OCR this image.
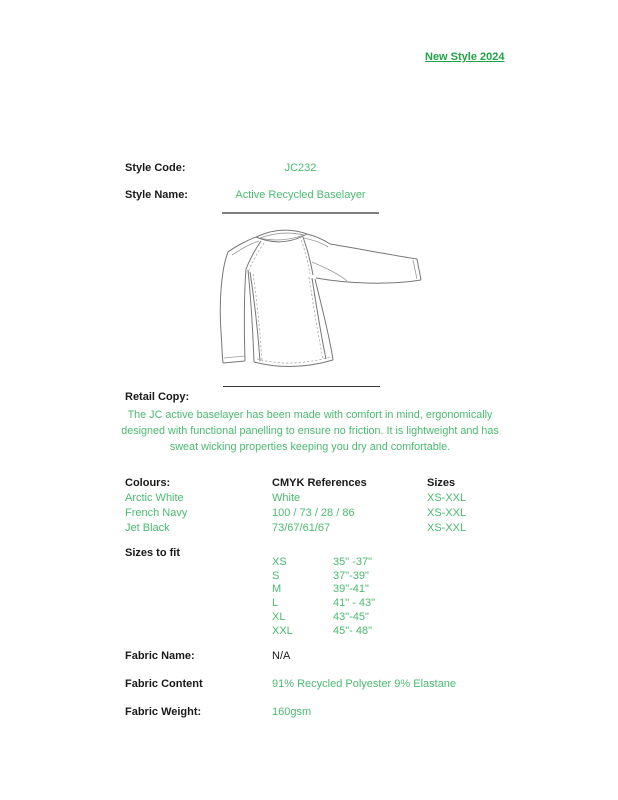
New Style 2024
Style Code:	JC232
Style Name:	Active Recycled Baselayer
Retail Copy:
The JC active baselayer has been made with comfort in mind, ergonomically designed with functional panelling to ensure no friction. It is lightweight and has sweat wicking properties keeping you dry and comfortable.
Colours:	CMYK References	Sizes
Arctic White	White	XS-XXL
French Navy	100 / 73 / 28 / 86	XS-XXL
Jet Black	73/67/61/67	XS-XXL
Sizes to fit
XS	35" -37"
S	37"-39"
M	39"-41"
L	41" - 43"
XL	43"-45"
XXL	45"- 48"
Fabric Name:	N/A
Fabric Content	91% Recycled Polyester 9% Elastane
Fabric Weight:	160gsm
